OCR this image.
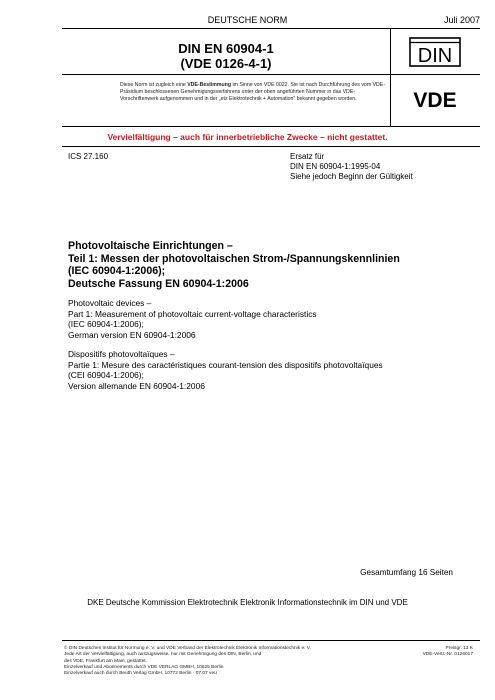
DEUTSCHE NORM	Juli 2007
DIN EN 60904-1
(VDE 0126-4-1)	DIN
VDE
Diese Norm ist zugleich eine VDE-Bestimmung im Sinne von VDE 0022. Sie ist nach Durchführung des vom VDE-Präsidium beschlossenen Genehmigungsverfahrens unter der oben angeführten Nummer in das VDE-Vorschriftenwerk aufgenommen und in der „etz Elektrotechnik + Automation“ bekannt gegeben worden.
Vervielfältigung – auch für innerbetriebliche Zwecke – nicht gestattet.
ICS 27.160	Ersatz für
DIN EN 60904-1:1995-04
Siehe jedoch Beginn der Gültigkeit
Photovoltaische Einrichtungen –
Teil 1: Messen der photovoltaischen Strom-/Spannungskennlinien
(IEC 60904-1:2006);
Deutsche Fassung EN 60904-1:2006
Photovoltaic devices –
Part 1: Measurement of photovoltaic current-voltage characteristics
(IEC 60904-1:2006);
German version EN 60904-1:2006
Dispositifs photovoltaïques –
Partie 1: Mesure des caractéristiques courant-tension des dispositifs photovoltaïques
(CEI 60904-1:2006);
Version allemande EN 60904-1:2006
Gesamtumfang 16 Seiten
DKE Deutsche Kommission Elektrotechnik Elektronik Informationstechnik im DIN und VDE
© DIN Deutsches Institut für Normung e. V. und VDE Verband der Elektrotechnik Elektronik Informationstechnik e. V.
Jede Art der Vervielfältigung, auch auszugsweise, nur mit Genehmigung des DIN, Berlin, und
des VDE, Frankfurt am Main, gestattet.
Einzelverkauf und Abonnements durch VDE VERLAG GMBH, 10625 Berlin
Einzelverkauf auch durch Beuth Verlag GmbH, 10772 Berlin · 07.07 veu
Preisgr. 13 K
VDE-Vertr.-Nr. 0126017
